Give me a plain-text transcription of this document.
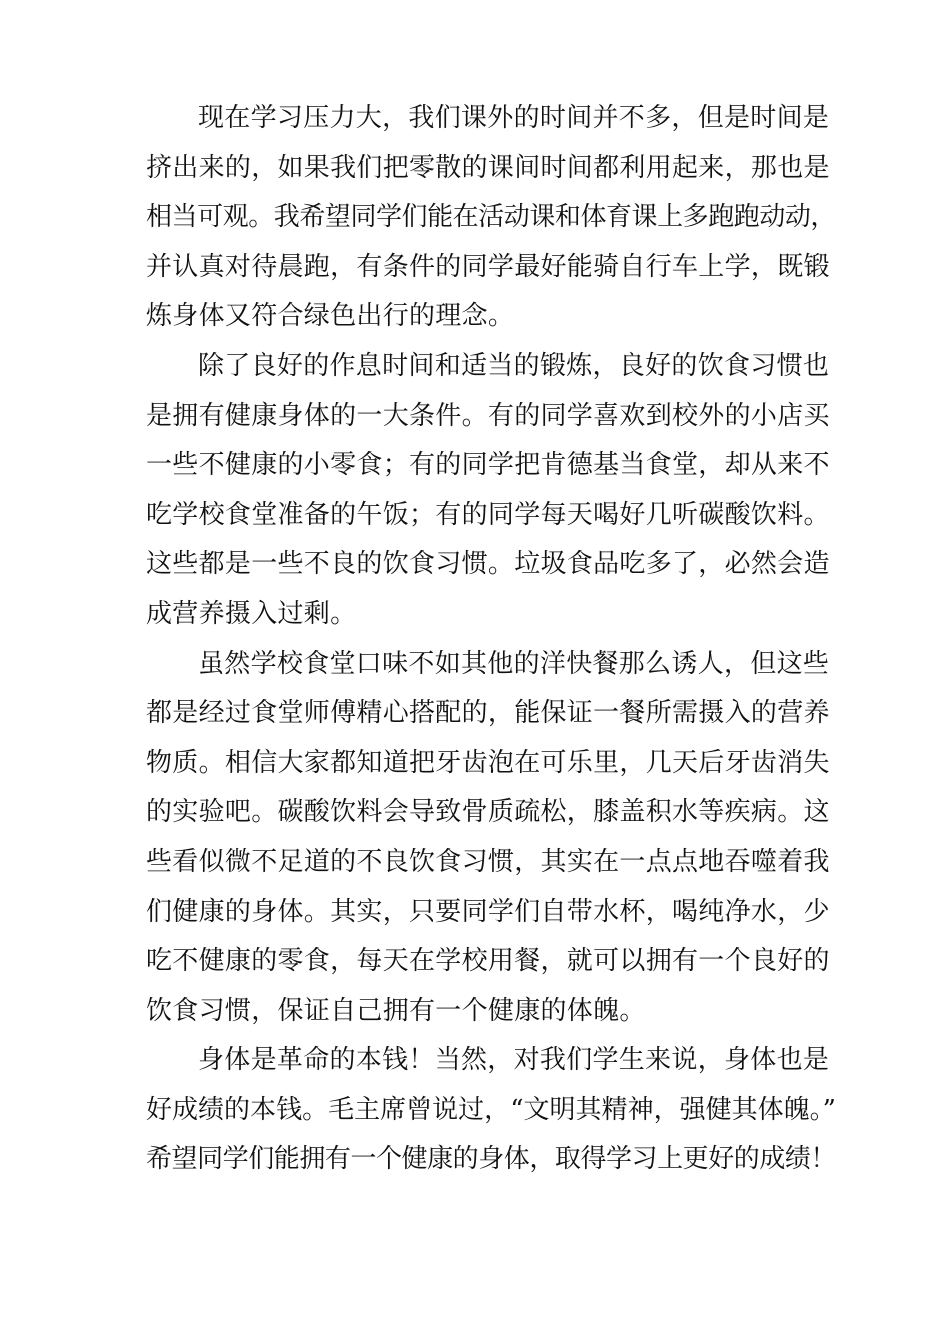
现在学习压力大，我们课外的时间并不多，但是时间是
挤出来的，如果我们把零散的课间时间都利用起来，那也是
相当可观。我希望同学们能在活动课和体育课上多跑跑动动，
并认真对待晨跑，有条件的同学最好能骑自行车上学，既锻
炼身体又符合绿色出行的理念。
除了良好的作息时间和适当的锻炼，良好的饮食习惯也
是拥有健康身体的一大条件。有的同学喜欢到校外的小店买
一些不健康的小零食；有的同学把肯德基当食堂，却从来不
吃学校食堂准备的午饭；有的同学每天喝好几听碳酸饮料。
这些都是一些不良的饮食习惯。垃圾食品吃多了，必然会造
成营养摄入过剩。
虽然学校食堂口味不如其他的洋快餐那么诱人，但这些
都是经过食堂师傅精心搭配的，能保证一餐所需摄入的营养
物质。相信大家都知道把牙齿泡在可乐里，几天后牙齿消失
的实验吧。碳酸饮料会导致骨质疏松，膝盖积水等疾病。这
些看似微不足道的不良饮食习惯，其实在一点点地吞噬着我
们健康的身体。其实，只要同学们自带水杯，喝纯净水，少
吃不健康的零食，每天在学校用餐，就可以拥有一个良好的
饮食习惯，保证自己拥有一个健康的体魄。
身体是革命的本钱！当然，对我们学生来说，身体也是
好成绩的本钱。毛主席曾说过，“文明其精神，强健其体魄。”
希望同学们能拥有一个健康的身体，取得学习上更好的成绩！
